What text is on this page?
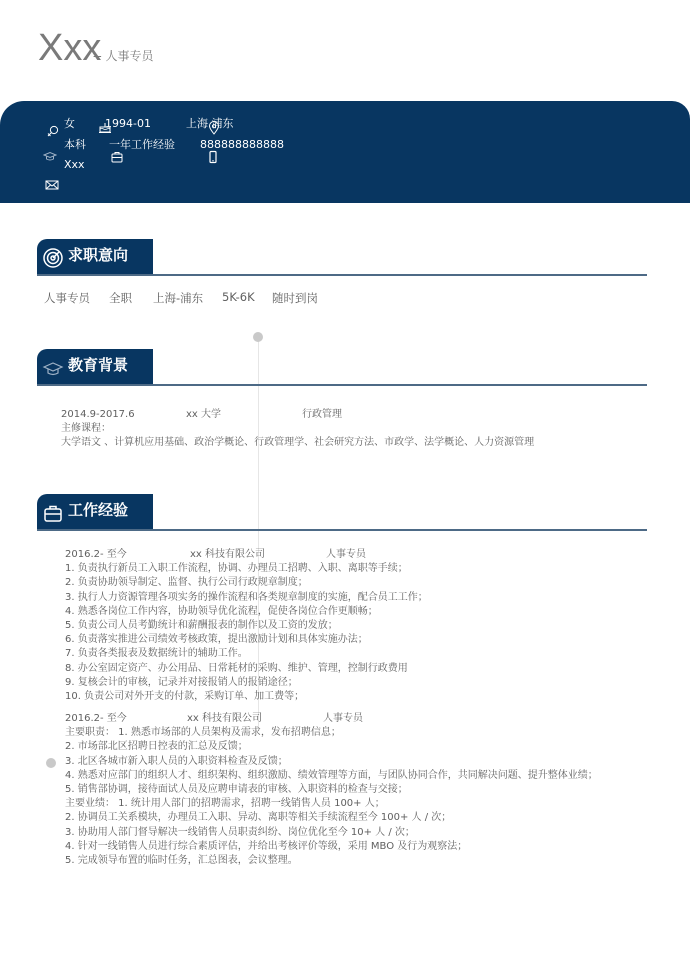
Xxx
-- 人事专员
女	1994-01	上海 浦东
本科 一年工作经验 888888888888
Xxx
求职意向
人事专员 全职 上海-浦东 5K-6K 随时到岗
教育背景
2014.9-2017.6	xx 大学	行政管理
主修课程：
大学语文 、计算机应用基础、政治学概论、行政管理学、社会研究方法、市政学、法学概论、人力资源管理
工作经验
2016.2- 至今	xx 科技有限公司	人事专员
1. 负责执行新员工入职工作流程，协调、办理员工招聘、入职、离职等手续；
2. 负责协助领导制定、监督、执行公司行政规章制度；
3. 执行人力资源管理各项实务的操作流程和各类规章制度的实施，配合员工工作；
4. 熟悉各岗位工作内容，协助领导优化流程，促使各岗位合作更顺畅；
5. 负责公司人员考勤统计和薪酬报表的制作以及工资的发放；
6. 负责落实推进公司绩效考核政策，提出激励计划和具体实施办法；
7. 负责各类报表及数据统计的辅助工作。
8. 办公室固定资产、办公用品、日常耗材的采购、维护、管理，控制行政费用
9. 复核会计的审核，记录并对接报销人的报销途径；
10. 负责公司对外开支的付款，采购订单、加工费等；
2016.2- 至今	xx 科技有限公司	人事专员
主要职责： 1. 熟悉市场部的人员架构及需求，发布招聘信息；
2. 市场部北区招聘日控表的汇总及反馈；
3. 北区各城市新入职人员的入职资料检查及反馈；
4. 熟悉对应部门的组织人才、组织架构、组织激励、绩效管理等方面，与团队协同合作，共同解决问题、提升整体业绩；
5. 销售部协调，接待面试人员及应聘申请表的审核、入职资料的检查与交接；
主要业绩： 1. 统计用人部门的招聘需求，招聘一线销售人员 100+ 人；
2. 协调员工关系模块，办理员工入职、异动、离职等相关手续流程至今 100+ 人 / 次；
3. 协助用人部门督导解决一线销售人员职责纠纷、岗位优化至今 10+ 人 / 次；
4. 针对一线销售人员进行综合素质评估，并给出考核评价等级，采用 MBO 及行为观察法；
5. 完成领导布置的临时任务，汇总图表，会议整理。
